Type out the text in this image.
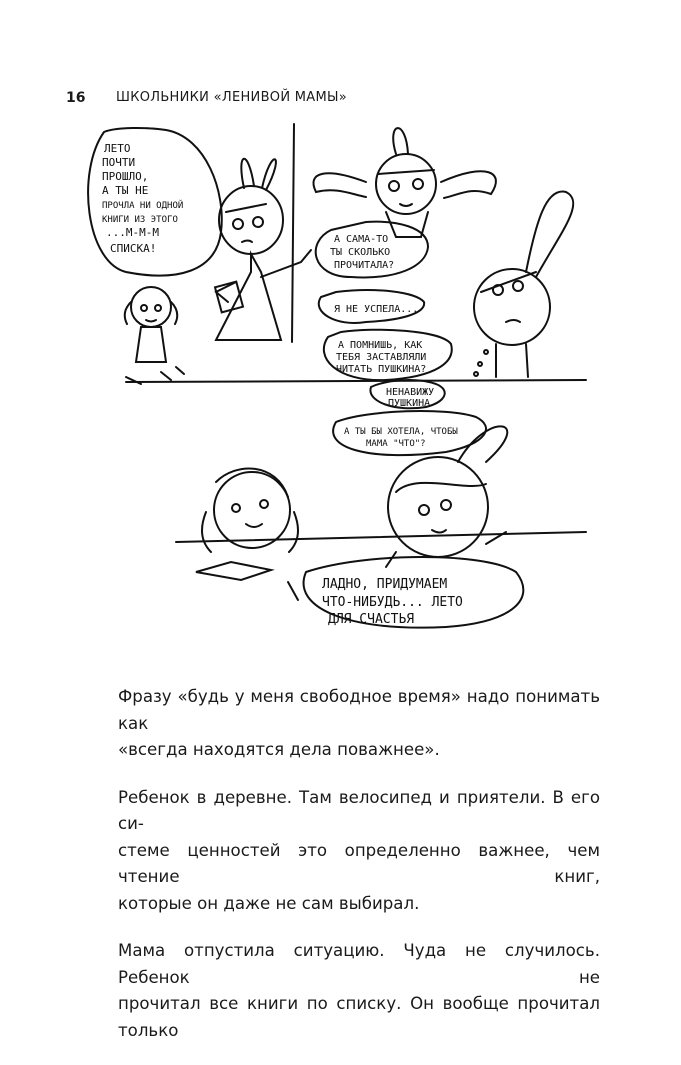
16 ШКОЛЬНИКИ «ЛЕНИВОЙ МАМЫ»
ЛЕТО
ПОЧТИ
ПРОШЛО,
А ТЫ НЕ
ПРОЧЛА НИ ОДНОЙ
КНИГИ ИЗ ЭТОГО
...М-М-М
СПИСКА!
А САМА-ТО
ТЫ СКОЛЬКО
ПРОЧИТАЛА?
Я НЕ УСПЕЛА...
А ПОМНИШЬ, КАК
ТЕБЯ ЗАСТАВЛЯЛИ
ЧИТАТЬ ПУШКИНА?
НЕНАВИЖУ
ПУШКИНА
А ТЫ БЫ ХОТЕЛА, ЧТОБЫ
МАМА "ЧТО"?
ЛАДНО, ПРИДУМАЕМ
ЧТО-НИБУДЬ... ЛЕТО
ДЛЯ СЧАСТЬЯ

Фразу «будь у меня свободное время» надо понимать как
«всегда находятся дела поважнее».

Ребенок в деревне. Там велосипед и приятели. В его си-
стеме ценностей это определенно важнее, чем чтение книг,
которые он даже не сам выбирал.

Мама отпустила ситуацию. Чуда не случилось. Ребенок не
прочитал все книги по списку. Он вообще прочитал только
